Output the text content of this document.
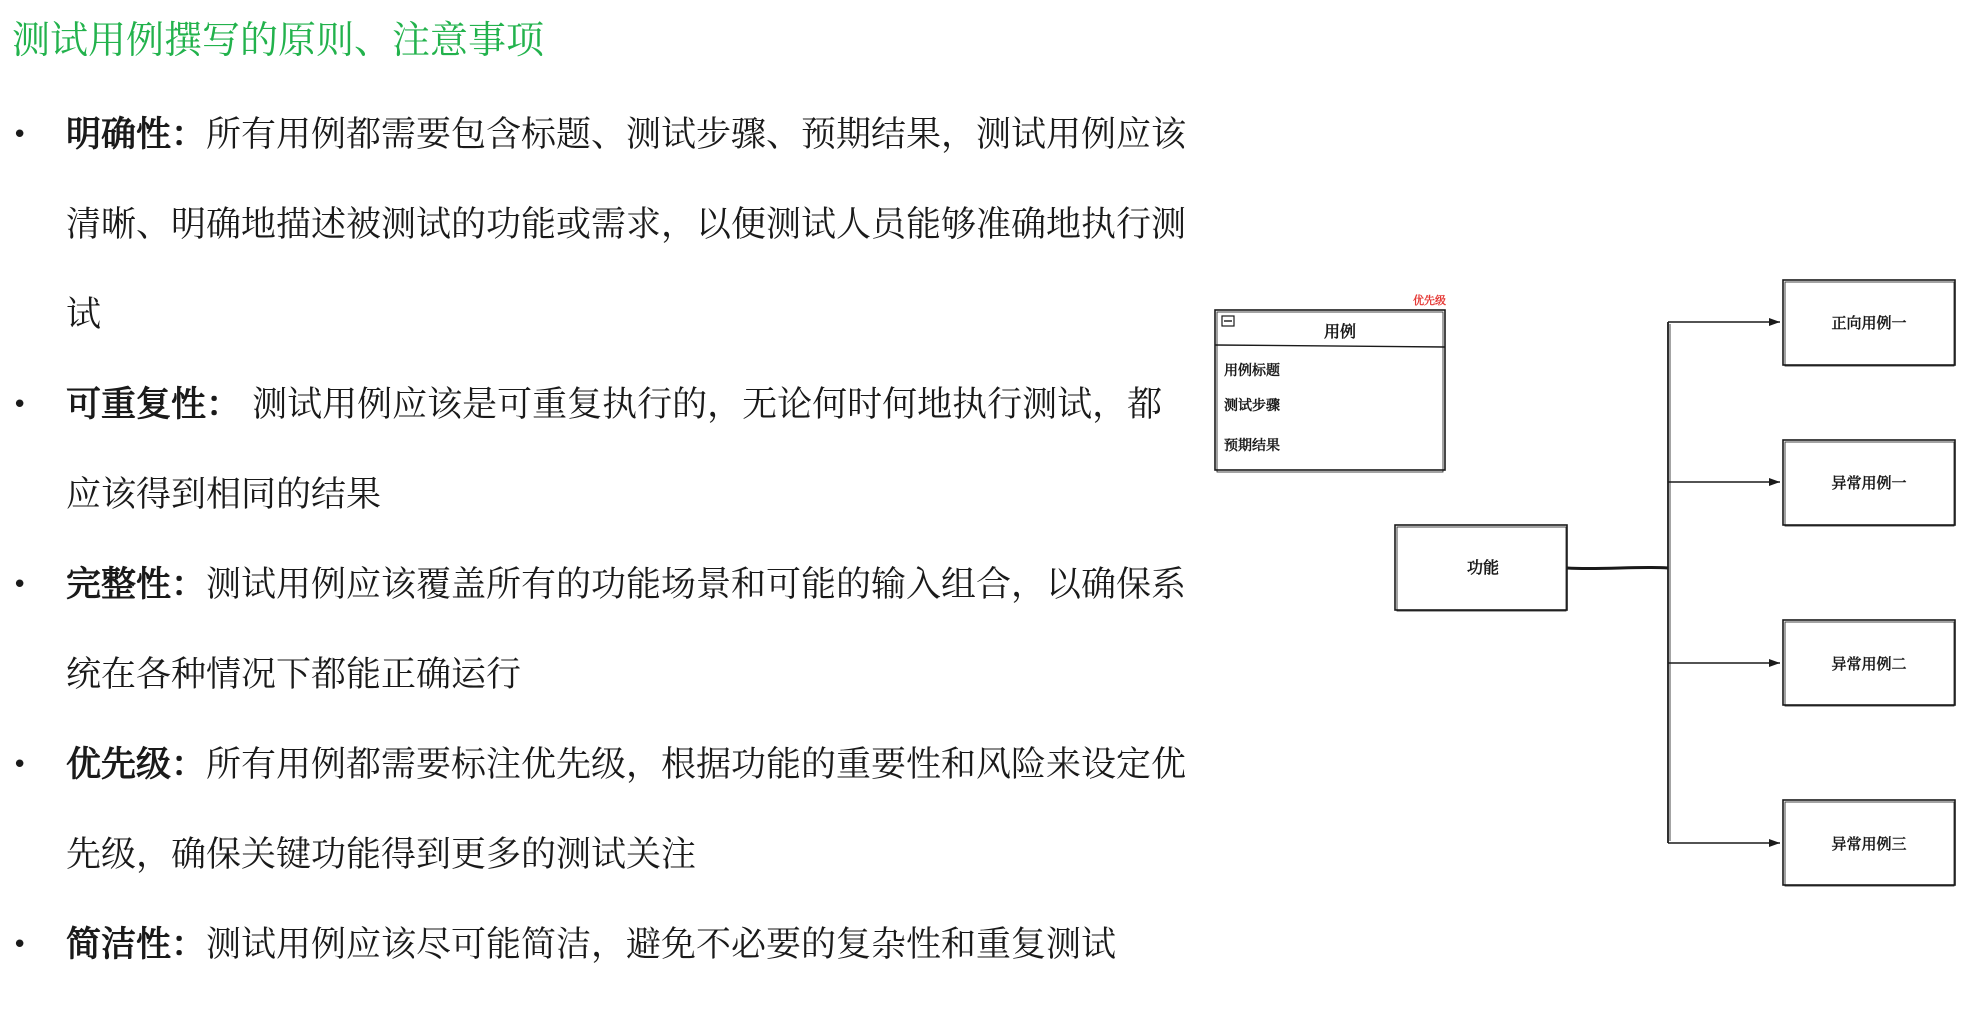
测试用例撰写的原则、注意事项
• 明确性：所有用例都需要包含标题、测试步骤、预期结果，测试用例应该清晰、明确地描述被测试的功能或需求，以便测试人员能够准确地执行测试
• 可重复性： 测试用例应该是可重复执行的，无论何时何地执行测试，都应该得到相同的结果
• 完整性：测试用例应该覆盖所有的功能场景和可能的输入组合，以确保系统在各种情况下都能正确运行
• 优先级：所有用例都需要标注优先级，根据功能的重要性和风险来设定优先级，确保关键功能得到更多的测试关注
• 简洁性：测试用例应该尽可能简洁，避免不必要的复杂性和重复测试
用例
优先级
用例标题
测试步骤
预期结果
功能
正向用例一
异常用例一
异常用例二
异常用例三
